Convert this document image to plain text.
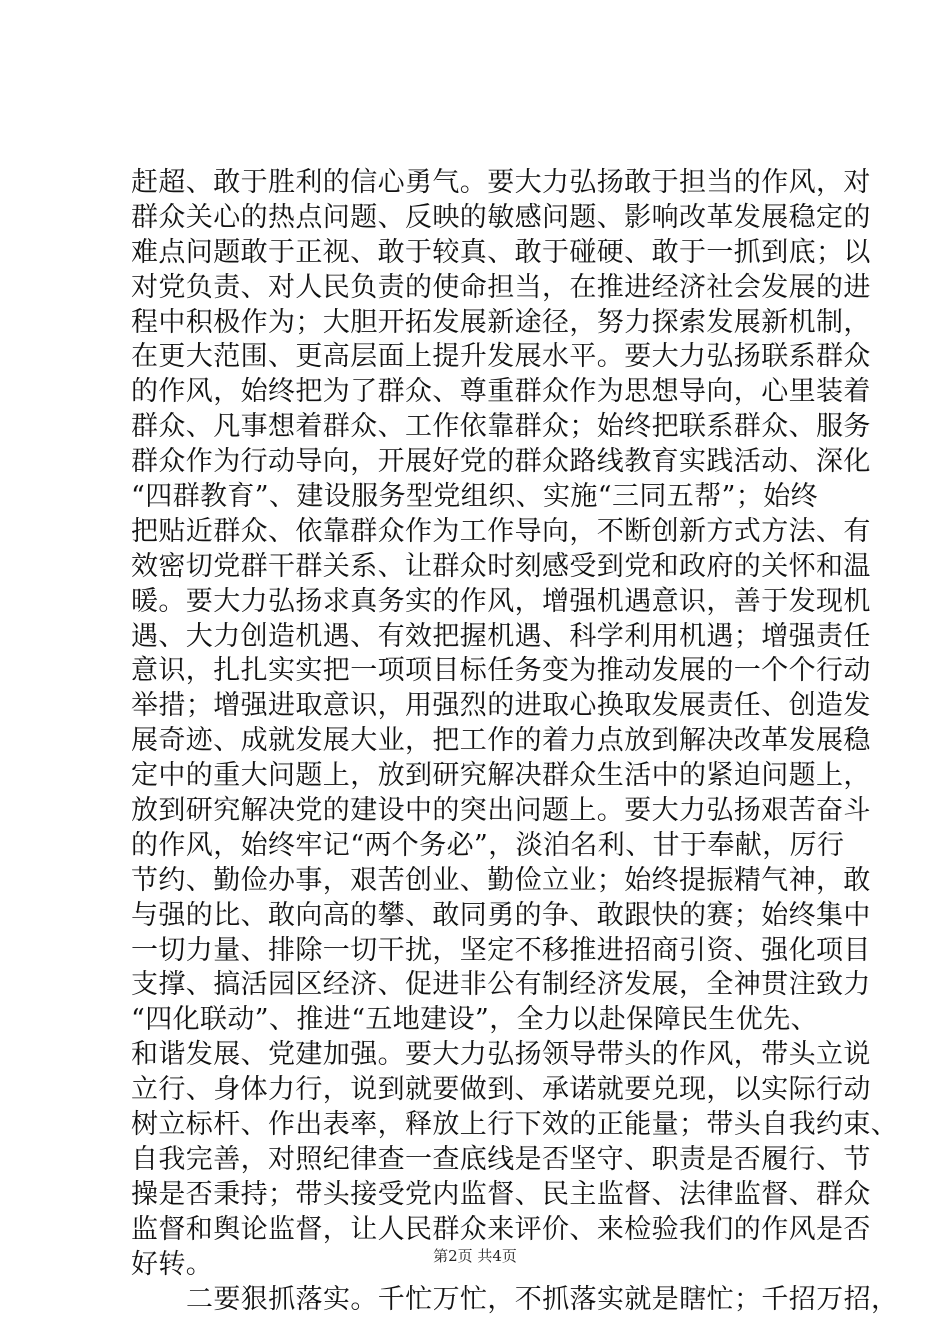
赶超、敢于胜利的信心勇气。要大力弘扬敢于担当的作风，对
群众关心的热点问题、反映的敏感问题、影响改革发展稳定的
难点问题敢于正视、敢于较真、敢于碰硬、敢于一抓到底；以
对党负责、对人民负责的使命担当，在推进经济社会发展的进
程中积极作为；大胆开拓发展新途径，努力探索发展新机制，
在更大范围、更高层面上提升发展水平。要大力弘扬联系群众
的作风，始终把为了群众、尊重群众作为思想导向，心里装着
群众、凡事想着群众、工作依靠群众；始终把联系群众、服务
群众作为行动导向，开展好党的群众路线教育实践活动、深化
“四群教育”、建设服务型党组织、实施“三同五帮”；始终
把贴近群众、依靠群众作为工作导向，不断创新方式方法、有
效密切党群干群关系、让群众时刻感受到党和政府的关怀和温
暖。要大力弘扬求真务实的作风，增强机遇意识，善于发现机
遇、大力创造机遇、有效把握机遇、科学利用机遇；增强责任
意识，扎扎实实把一项项目标任务变为推动发展的一个个行动
举措；增强进取意识，用强烈的进取心换取发展责任、创造发
展奇迹、成就发展大业，把工作的着力点放到解决改革发展稳
定中的重大问题上，放到研究解决群众生活中的紧迫问题上，
放到研究解决党的建设中的突出问题上。要大力弘扬艰苦奋斗
的作风，始终牢记“两个务必”，淡泊名利、甘于奉献，厉行
节约、勤俭办事，艰苦创业、勤俭立业；始终提振精气神，敢
与强的比、敢向高的攀、敢同勇的争、敢跟快的赛；始终集中
一切力量、排除一切干扰，坚定不移推进招商引资、强化项目
支撑、搞活园区经济、促进非公有制经济发展，全神贯注致力
“四化联动”、推进“五地建设”，全力以赴保障民生优先、
和谐发展、党建加强。要大力弘扬领导带头的作风，带头立说
立行、身体力行，说到就要做到、承诺就要兑现，以实际行动
树立标杆、作出表率，释放上行下效的正能量；带头自我约束、
自我完善，对照纪律查一查底线是否坚守、职责是否履行、节
操是否秉持；带头接受党内监督、民主监督、法律监督、群众
监督和舆论监督，让人民群众来评价、来检验我们的作风是否
好转。
二要狠抓落实。千忙万忙，不抓落实就是瞎忙；千招万招，
第2页 共4页
